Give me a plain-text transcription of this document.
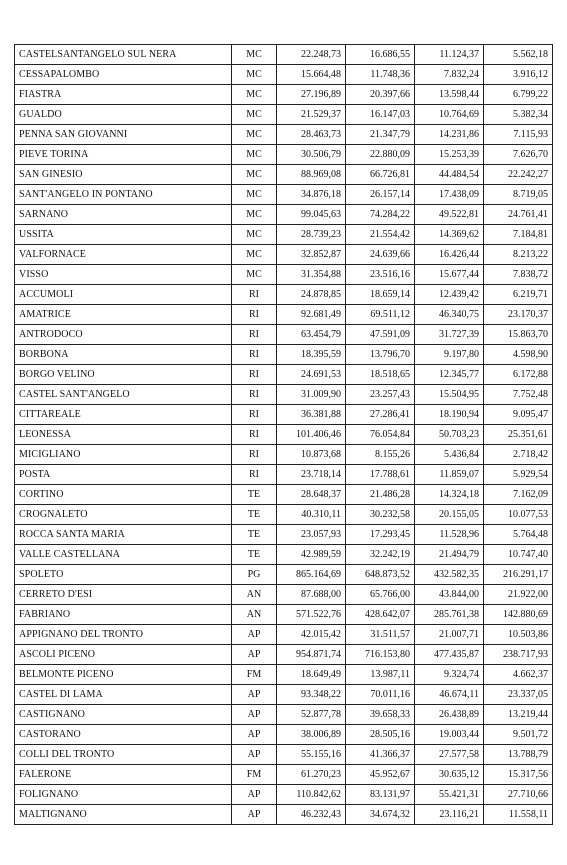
CASTELSANTANGELO SUL NERA	MC	22.248,73	16.686,55	11.124,37	5.562,18
CESSAPALOMBO	MC	15.664,48	11.748,36	7.832,24	3.916,12
FIASTRA	MC	27.196,89	20.397,66	13.598,44	6.799,22
GUALDO	MC	21.529,37	16.147,03	10.764,69	5.382,34
PENNA SAN GIOVANNI	MC	28.463,73	21.347,79	14.231,86	7.115,93
PIEVE TORINA	MC	30.506,79	22.880,09	15.253,39	7.626,70
SAN GINESIO	MC	88.969,08	66.726,81	44.484,54	22.242,27
SANT'ANGELO IN PONTANO	MC	34.876,18	26.157,14	17.438,09	8.719,05
SARNANO	MC	99.045,63	74.284,22	49.522,81	24.761,41
USSITA	MC	28.739,23	21.554,42	14.369,62	7.184,81
VALFORNACE	MC	32.852,87	24.639,66	16.426,44	8.213,22
VISSO	MC	31.354,88	23.516,16	15.677,44	7.838,72
ACCUMOLI	RI	24.878,85	18.659,14	12.439,42	6.219,71
AMATRICE	RI	92.681,49	69.511,12	46.340,75	23.170,37
ANTRODOCO	RI	63.454,79	47.591,09	31.727,39	15.863,70
BORBONA	RI	18.395,59	13.796,70	9.197,80	4.598,90
BORGO VELINO	RI	24.691,53	18.518,65	12.345,77	6.172,88
CASTEL SANT'ANGELO	RI	31.009,90	23.257,43	15.504,95	7.752,48
CITTAREALE	RI	36.381,88	27.286,41	18.190,94	9.095,47
LEONESSA	RI	101.406,46	76.054,84	50.703,23	25.351,61
MICIGLIANO	RI	10.873,68	8.155,26	5.436,84	2.718,42
POSTA	RI	23.718,14	17.788,61	11.859,07	5.929,54
CORTINO	TE	28.648,37	21.486,28	14.324,18	7.162,09
CROGNALETO	TE	40.310,11	30.232,58	20.155,05	10.077,53
ROCCA SANTA MARIA	TE	23.057,93	17.293,45	11.528,96	5.764,48
VALLE CASTELLANA	TE	42.989,59	32.242,19	21.494,79	10.747,40
SPOLETO	PG	865.164,69	648.873,52	432.582,35	216.291,17
CERRETO D'ESI	AN	87.688,00	65.766,00	43.844,00	21.922,00
FABRIANO	AN	571.522,76	428.642,07	285.761,38	142.880,69
APPIGNANO DEL TRONTO	AP	42.015,42	31.511,57	21.007,71	10.503,86
ASCOLI PICENO	AP	954.871,74	716.153,80	477.435,87	238.717,93
BELMONTE PICENO	FM	18.649,49	13.987,11	9.324,74	4.662,37
CASTEL DI LAMA	AP	93.348,22	70.011,16	46.674,11	23.337,05
CASTIGNANO	AP	52.877,78	39.658,33	26.438,89	13.219,44
CASTORANO	AP	38.006,89	28.505,16	19.003,44	9.501,72
COLLI DEL TRONTO	AP	55.155,16	41.366,37	27.577,58	13.788,79
FALERONE	FM	61.270,23	45.952,67	30.635,12	15.317,56
FOLIGNANO	AP	110.842,62	83.131,97	55.421,31	27.710,66
MALTIGNANO	AP	46.232,43	34.674,32	23.116,21	11.558,11
